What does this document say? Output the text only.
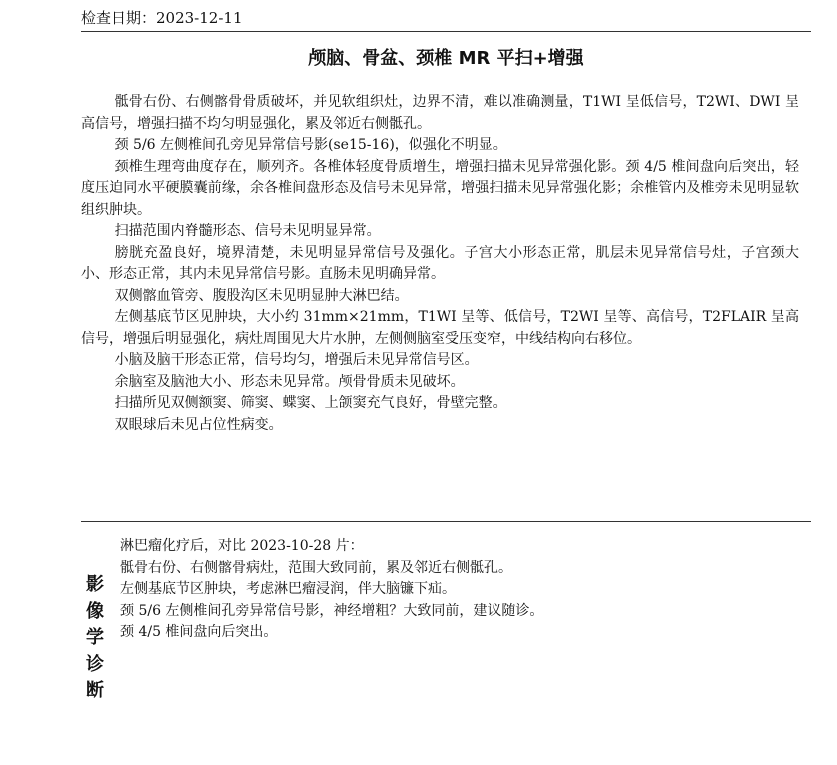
检查日期：2023-12-11
颅脑、骨盆、颈椎 MR 平扫+增强

骶骨右份、右侧髂骨骨质破坏，并见软组织灶，边界不清，难以准确测量，T1WI 呈低信号，T2WI、DWI 呈高信号，增强扫描不均匀明显强化，累及邻近右侧骶孔。

颈 5/6 左侧椎间孔旁见异常信号影(se15-16)，似强化不明显。

颈椎生理弯曲度存在，顺列齐。各椎体轻度骨质增生，增强扫描未见异常强化影。颈 4/5 椎间盘向后突出，轻度压迫同水平硬膜囊前缘，余各椎间盘形态及信号未见异常，增强扫描未见异常强化影；余椎管内及椎旁未见明显软组织肿块。

扫描范围内脊髓形态、信号未见明显异常。

膀胱充盈良好，境界清楚，未见明显异常信号及强化。子宫大小形态正常，肌层未见异常信号灶，子宫颈大小、形态正常，其内未见异常信号影。直肠未见明确异常。

双侧髂血管旁、腹股沟区未见明显肿大淋巴结。

左侧基底节区见肿块，大小约 31mm×21mm，T1WI 呈等、低信号，T2WI 呈等、高信号，T2FLAIR 呈高信号，增强后明显强化，病灶周围见大片水肿，左侧侧脑室受压变窄，中线结构向右移位。

小脑及脑干形态正常，信号均匀，增强后未见异常信号区。

余脑室及脑池大小、形态未见异常。颅骨骨质未见破坏。

扫描所见双侧额窦、筛窦、蝶窦、上颌窦充气良好，骨壁完整。

双眼球后未见占位性病变。

影
像
学
诊
断

淋巴瘤化疗后，对比 2023-10-28 片：

骶骨右份、右侧髂骨病灶，范围大致同前，累及邻近右侧骶孔。

左侧基底节区肿块，考虑淋巴瘤浸润，伴大脑镰下疝。

颈 5/6 左侧椎间孔旁异常信号影，神经增粗？大致同前，建议随诊。

颈 4/5 椎间盘向后突出。
